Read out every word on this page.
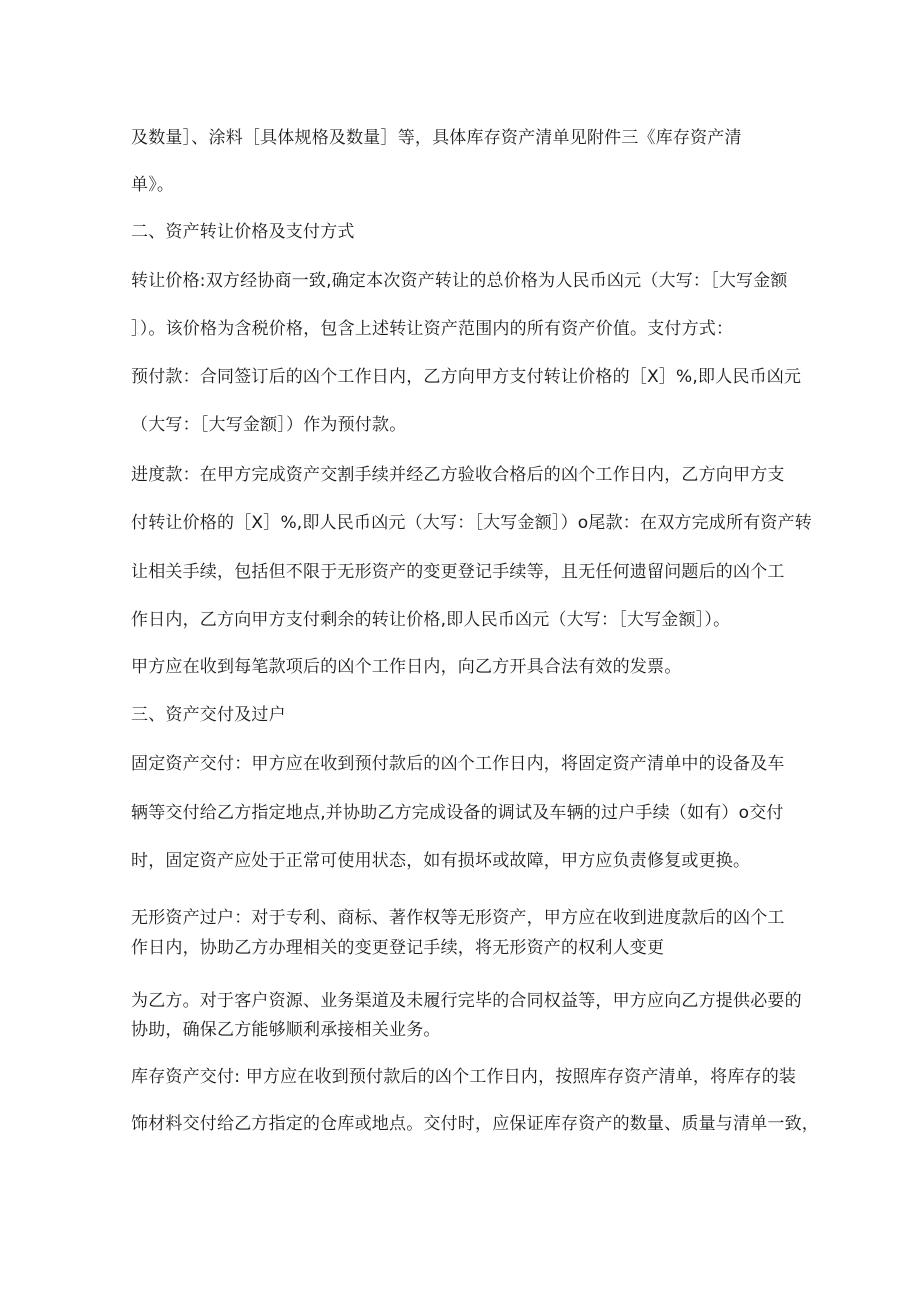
及数量］、涂料［具体规格及数量］等，具体库存资产清单见附件三《库存资产清
单》。
二、资产转让价格及支付方式
转让价格:双方经协商一致,确定本次资产转让的总价格为人民币凶元（大写：［大写金额
］）。该价格为含税价格，包含上述转让资产范围内的所有资产价值。支付方式：
预付款：合同签订后的凶个工作日内，乙方向甲方支付转让价格的［X］%,即人民币凶元
（大写：［大写金额］）作为预付款。
进度款：在甲方完成资产交割手续并经乙方验收合格后的凶个工作日内，乙方向甲方支
付转让价格的［X］%,即人民币凶元（大写：［大写金额］）o尾款：在双方完成所有资产转
让相关手续，包括但不限于无形资产的变更登记手续等，且无任何遗留问题后的凶个工
作日内，乙方向甲方支付剩余的转让价格,即人民币凶元（大写：［大写金额］）。
甲方应在收到每笔款项后的凶个工作日内，向乙方开具合法有效的发票。
三、资产交付及过户
固定资产交付：甲方应在收到预付款后的凶个工作日内，将固定资产清单中的设备及车
辆等交付给乙方指定地点,并协助乙方完成设备的调试及车辆的过户手续（如有）o交付
时，固定资产应处于正常可使用状态，如有损坏或故障，甲方应负责修复或更换。
无形资产过户：对于专利、商标、著作权等无形资产，甲方应在收到进度款后的凶个工
作日内，协助乙方办理相关的变更登记手续，将无形资产的权利人变更
为乙方。对于客户资源、业务渠道及未履行完毕的合同权益等，甲方应向乙方提供必要的
协助，确保乙方能够顺利承接相关业务。
库存资产交付: 甲方应在收到预付款后的凶个工作日内，按照库存资产清单，将库存的装
饰材料交付给乙方指定的仓库或地点。交付时，应保证库存资产的数量、质量与清单一致，
